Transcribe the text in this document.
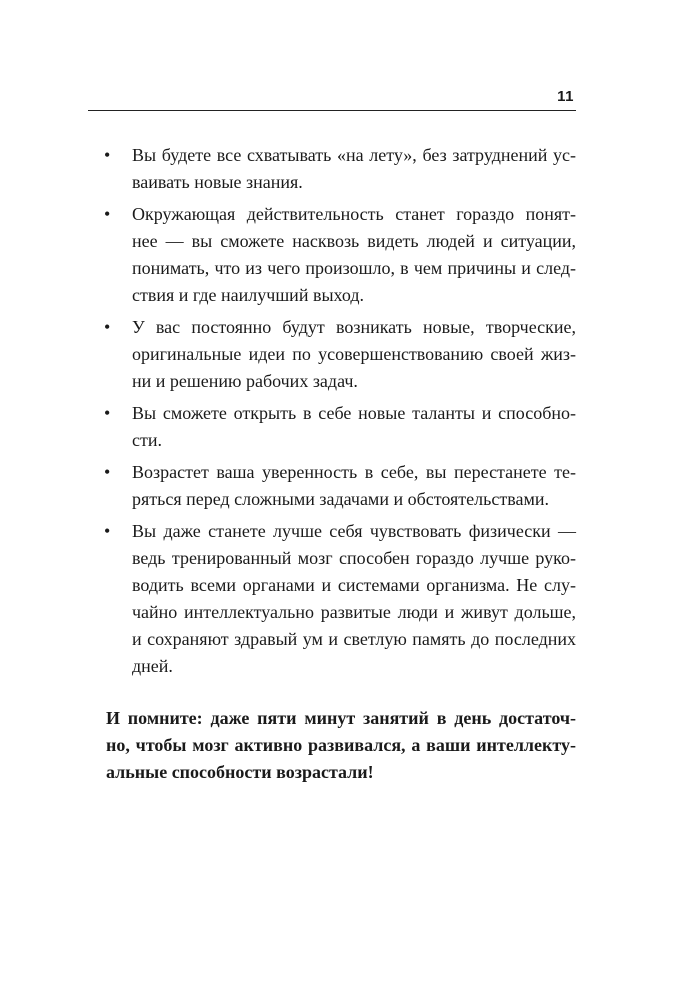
11
• Вы будете все схватывать «на лету», без затруднений ус-
ваивать новые знания.
• Окружающая действительность станет гораздо понят-
нее — вы сможете насквозь видеть людей и ситуации,
понимать, что из чего произошло, в чем причины и след-
ствия и где наилучший выход.
• У вас постоянно будут возникать новые, творческие,
оригинальные идеи по усовершенствованию своей жиз-
ни и решению рабочих задач.
• Вы сможете открыть в себе новые таланты и способно-
сти.
• Возрастет ваша уверенность в себе, вы перестанете те-
ряться перед сложными задачами и обстоятельствами.
• Вы даже станете лучше себя чувствовать физически —
ведь тренированный мозг способен гораздо лучше руко-
водить всеми органами и системами организма. Не слу-
чайно интеллектуально развитые люди и живут дольше,
и сохраняют здравый ум и светлую память до последних
дней.
И помните: даже пяти минут занятий в день достаточ-
но, чтобы мозг активно развивался, а ваши интеллекту-
альные способности возрастали!
